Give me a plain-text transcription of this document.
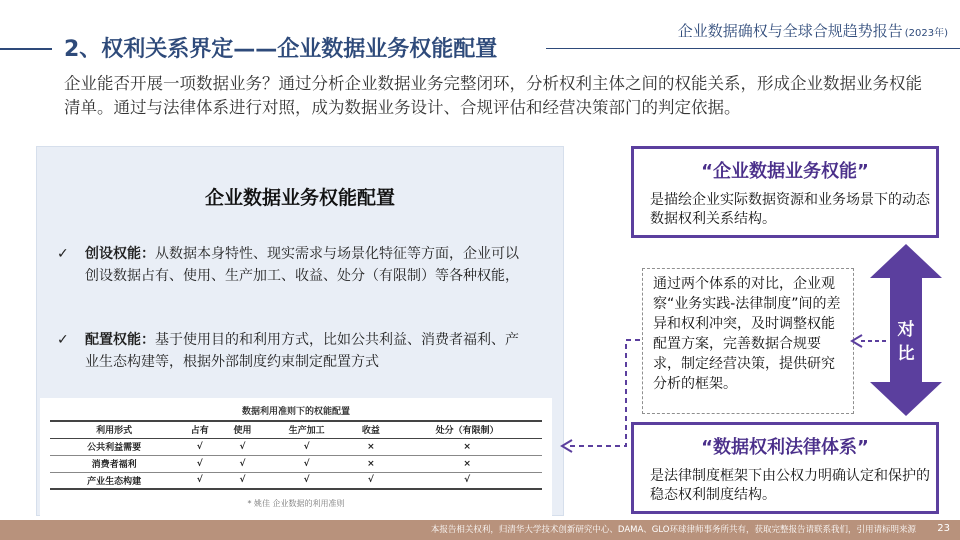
企业数据确权与全球合规趋势报告 (2023年)
2、权利关系界定——企业数据业务权能配置
企业能否开展一项数据业务？通过分析企业数据业务完整闭环，分析权利主体之间的权能关系，形成企业数据业务权能清单。通过与法律体系进行对照，成为数据业务设计、合规评估和经营决策部门的判定依据。
企业数据业务权能配置
✓	创设权能：从数据本身特性、现实需求与场景化特征等方面，企业可以创设数据占有、使用、生产加工、收益、处分（有限制）等各种权能，
✓	配置权能：基于使用目的和利用方式，比如公共利益、消费者福利、产业生态构建等，根据外部制度约束制定配置方式
数据利用准则下的权能配置
利用形式	占有	使用	生产加工	收益	处分（有限制）
公共利益需要	√	√	√	×	×
消费者福利	√	√	√	×	×
产业生态构建	√	√	√	√	√
* 姚佳 企业数据的利用准则
“企业数据业务权能”
是描绘企业实际数据资源和业务场景下的动态数据权利关系结构。
通过两个体系的对比，企业观察“业务实践-法律制度”间的差异和权利冲突，及时调整权能配置方案，完善数据合规要求，制定经营决策，提供研究分析的框架。
对比
“数据权利法律体系”
是法律制度框架下由公权力明确认定和保护的稳态权利制度结构。
本报告相关权利，归清华大学技术创新研究中心、DAMA、GLO环球律师事务所共有，获取完整报告请联系我们，引用请标明来源 23
